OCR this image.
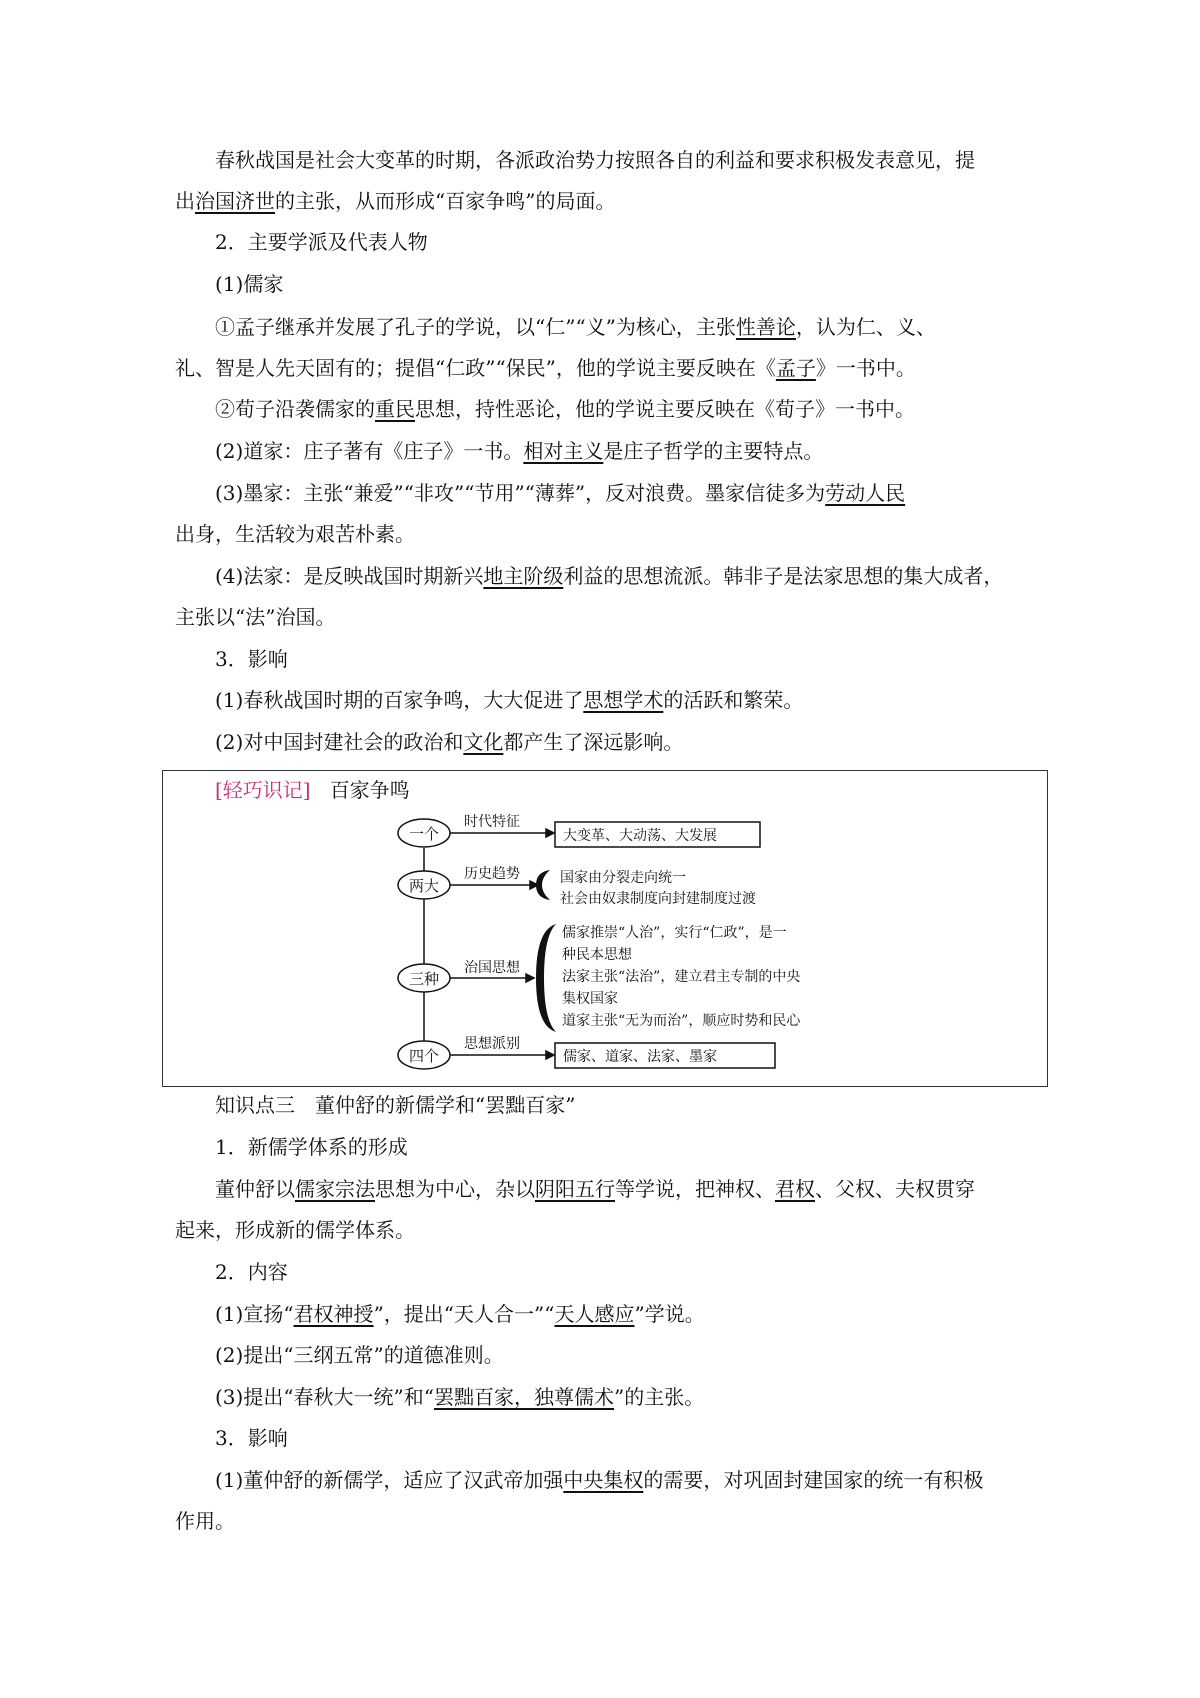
春秋战国是社会大变革的时期，各派政治势力按照各自的利益和要求积极发表意见，提
出治国济世的主张，从而形成“百家争鸣”的局面。
2．主要学派及代表人物
(1)儒家
①孟子继承并发展了孔子的学说，以“仁”“义”为核心，主张性善论，认为仁、义、
礼、智是人先天固有的；提倡“仁政”“保民”，他的学说主要反映在《孟子》一书中。
②荀子沿袭儒家的重民思想，持性恶论，他的学说主要反映在《荀子》一书中。
(2)道家：庄子著有《庄子》一书。相对主义是庄子哲学的主要特点。
(3)墨家：主张“兼爱”“非攻”“节用”“薄葬”，反对浪费。墨家信徒多为劳动人民
出身，生活较为艰苦朴素。
(4)法家：是反映战国时期新兴地主阶级利益的思想流派。韩非子是法家思想的集大成者，
主张以“法”治国。
3．影响
(1)春秋战国时期的百家争鸣，大大促进了思想学术的活跃和繁荣。
(2)对中国封建社会的政治和文化都产生了深远影响。
[轻巧识记] 百家争鸣
一个
两大
三种
四个
时代特征
历史趋势
治国思想
思想派别
大变革、大动荡、大发展
国家由分裂走向统一
社会由奴隶制度向封建制度过渡
儒家推崇“人治”，实行“仁政”，是一
种民本思想
法家主张“法治”，建立君主专制的中央
集权国家
道家主张“无为而治”，顺应时势和民心
儒家、道家、法家、墨家
知识点三　董仲舒的新儒学和“罢黜百家”
1．新儒学体系的形成
董仲舒以儒家宗法思想为中心，杂以阴阳五行等学说，把神权、君权、父权、夫权贯穿
起来，形成新的儒学体系。
2．内容
(1)宣扬“君权神授”，提出“天人合一”“天人感应”学说。
(2)提出“三纲五常”的道德准则。
(3)提出“春秋大一统”和“罢黜百家，独尊儒术”的主张。
3．影响
(1)董仲舒的新儒学，适应了汉武帝加强中央集权的需要，对巩固封建国家的统一有积极
作用。
